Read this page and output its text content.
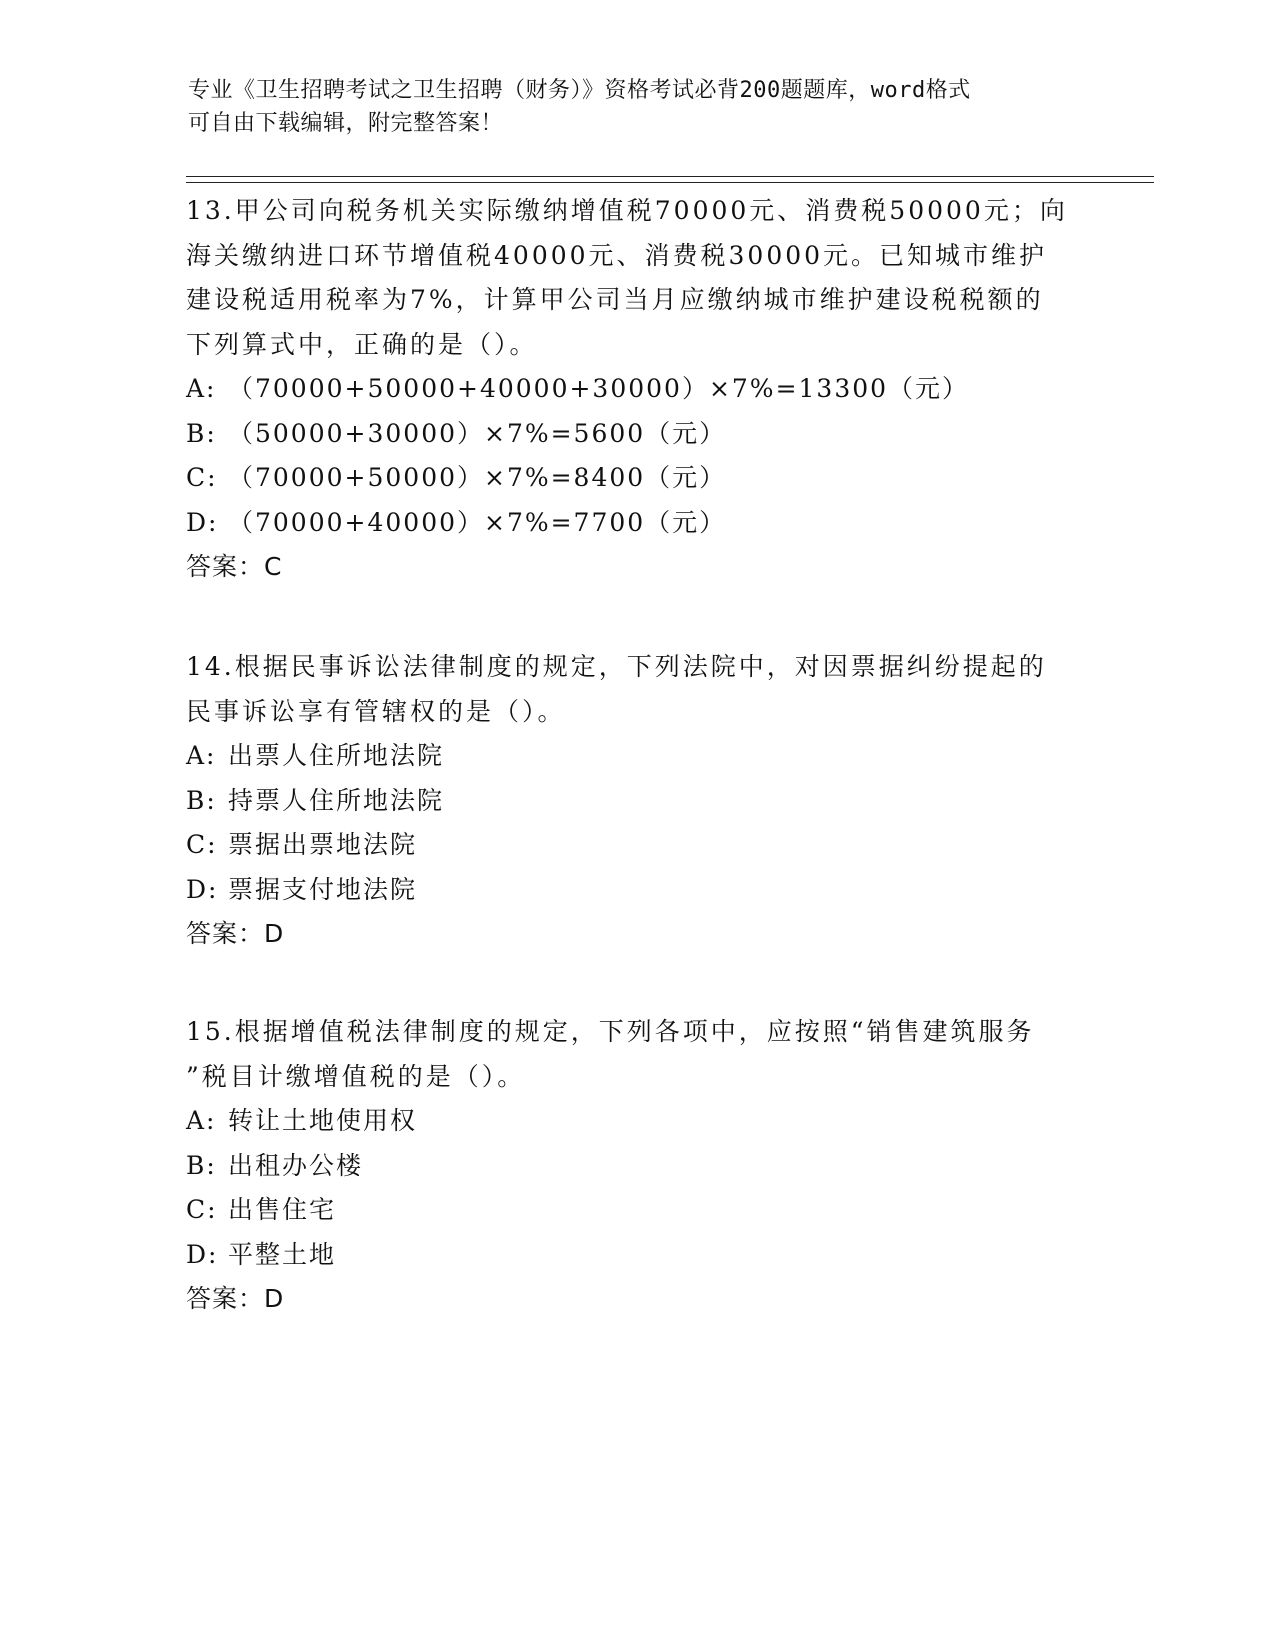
专业《卫生招聘考试之卫生招聘（财务）》资格考试必背200题题库，word格式
可自由下载编辑，附完整答案！

13.甲公司向税务机关实际缴纳增值税70000元、消费税50000元；向

海关缴纳进口环节增值税40000元、消费税30000元。已知城市维护

建设税适用税率为7%，计算甲公司当月应缴纳城市维护建设税税额的

下列算式中，正确的是（）。

A: （70000+50000+40000+30000）×7%=13300（元）

B: （50000+30000）×7%=5600（元）

C: （70000+50000）×7%=8400（元）

D: （70000+40000）×7%=7700（元）

答案：C

14.根据民事诉讼法律制度的规定，下列法院中，对因票据纠纷提起的

民事诉讼享有管辖权的是（）。

A: 出票人住所地法院

B: 持票人住所地法院

C: 票据出票地法院

D: 票据支付地法院

答案：D

15.根据增值税法律制度的规定，下列各项中，应按照“销售建筑服务

”税目计缴增值税的是（）。

A: 转让土地使用权

B: 出租办公楼

C: 出售住宅

D: 平整土地

答案：D
